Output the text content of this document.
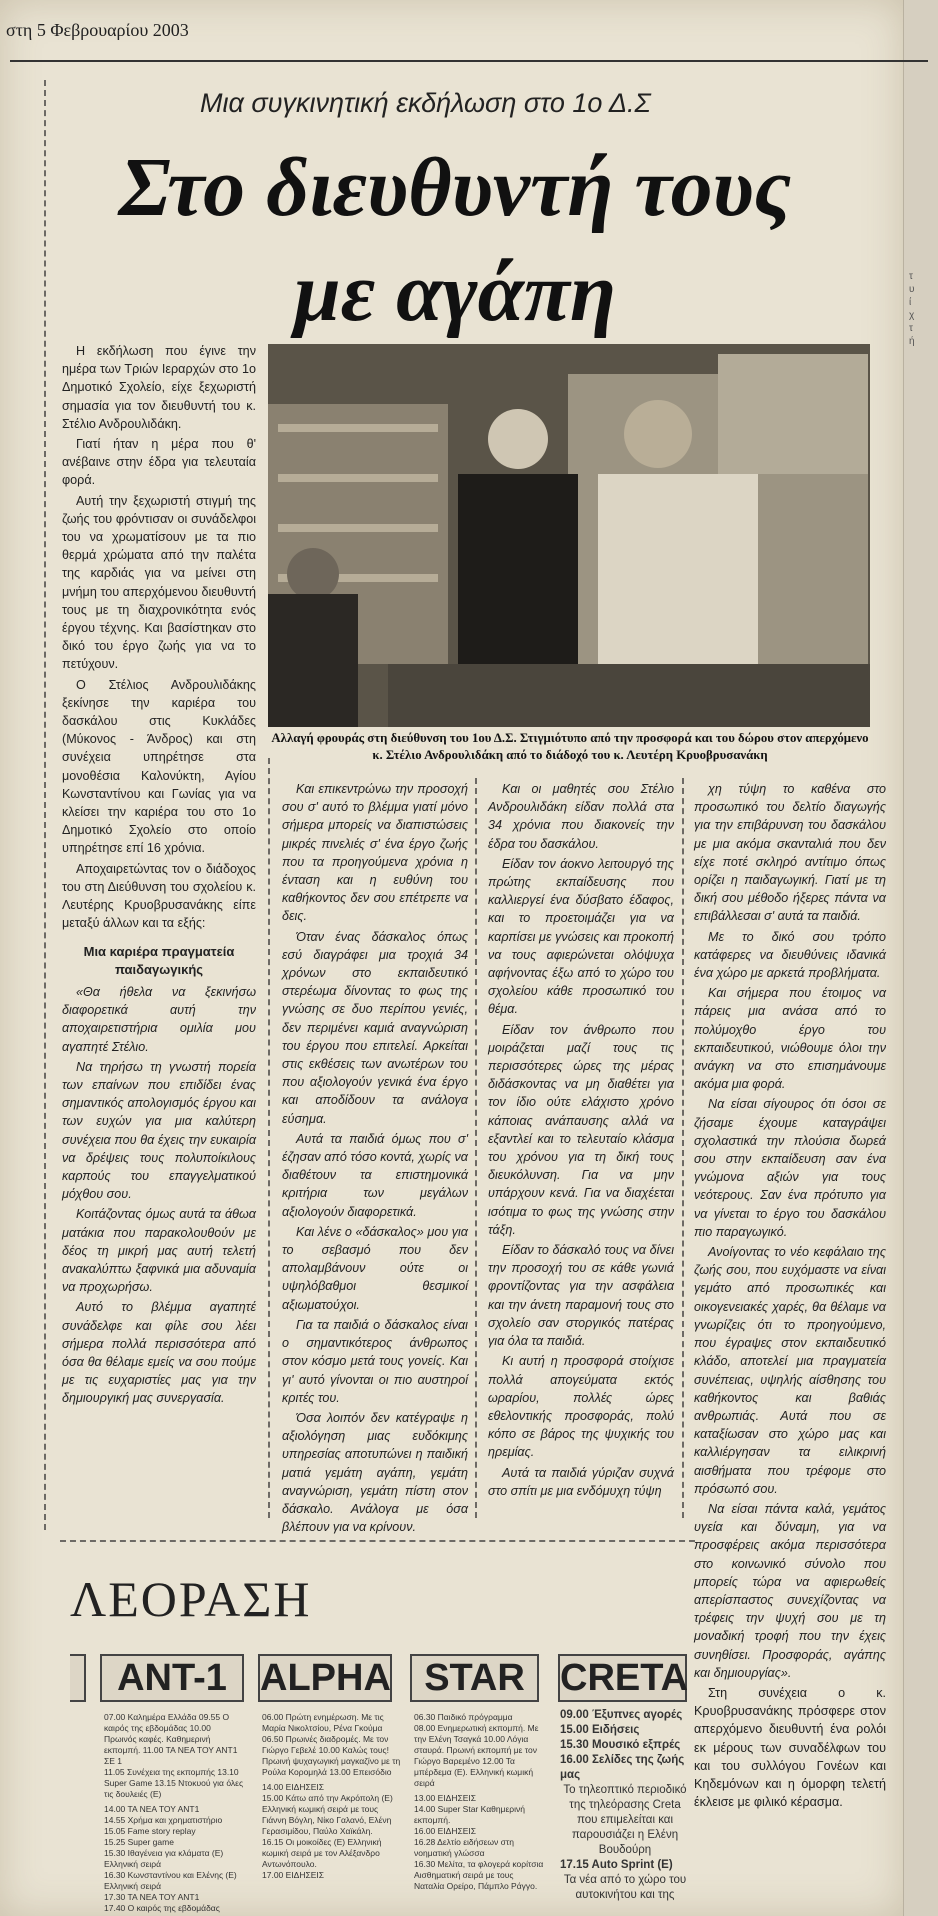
τ
υ
ί
χ
τ
ή
στη 5 Φεβρουαρίου 2003
Μια συγκινητική εκδήλωση στο 1ο Δ.Σ
Στο διευθυντή τους
με αγάπη

Η εκδήλωση που έγινε την ημέρα των Τριών Ιεραρχών στο 1ο Δημοτικό Σχολείο, είχε ξεχωριστή σημασία για τον διευθυντή του κ. Στέλιο Ανδρουλιδάκη.

Γιατί ήταν η μέρα που θ' ανέβαινε στην έδρα για τελευταία φορά.

Αυτή την ξεχωριστή στιγμή της ζωής του φρόντισαν οι συνάδελφοι του να χρωματίσουν με τα πιο θερμά χρώματα από την παλέτα της καρδιάς για να μείνει στη μνήμη του απερχόμενου διευθυντή τους με τη διαχρονικότητα ενός έργου τέχνης. Και βασίστηκαν στο δικό του έργο ζωής για να το πετύχουν.

Ο Στέλιος Ανδρουλιδάκης ξεκίνησε την καριέρα του δασκάλου στις Κυκλάδες (Μύκονος - Άνδρος) και στη συνέχεια υπηρέτησε στα μονοθέσια Καλονύκτη, Αγίου Κωνσταντίνου και Γωνίας για να κλείσει την καριέρα του στο 1ο Δημοτικό Σχολείο στο οποίο υπηρέτησε επί 16 χρόνια.

Αποχαιρετώντας τον ο διάδοχος του στη Διεύθυνση του σχολείου κ. Λευτέρης Κρυοβρυσανάκης είπε μεταξύ άλλων και τα εξής:

Μια καριέρα πραγματεία παιδαγωγικής

«Θα ήθελα να ξεκινήσω διαφορετικά αυτή την αποχαιρετιστήρια ομιλία μου αγαπητέ Στέλιο.

Να τηρήσω τη γνωστή πορεία των επαίνων που επιδίδει ένας σημαντικός απολογισμός έργου και των ευχών για μια καλύτερη συνέχεια που θα έχεις την ευκαιρία να δρέψεις τους πολυποίκιλους καρπούς του επαγγελματικού μόχθου σου.

Κοιτάζοντας όμως αυτά τα άθωα ματάκια που παρακολουθούν με δέος τη μικρή μας αυτή τελετή ανακαλύπτω ξαφνικά μια αδυναμία να προχωρήσω.

Αυτό το βλέμμα αγαπητέ συνάδελφε και φίλε σου λέει σήμερα πολλά περισσότερα από όσα θα θέλαμε εμείς να σου πούμε με τις ευχαριστίες μας για την δημιουργική μας συνεργασία.

Αλλαγή φρουράς στη διεύθυνση του 1ου Δ.Σ. Στιγμιότυπο από την προσφορά και του δώρου στον απερχόμενο κ. Στέλιο Ανδρουλιδάκη από το διάδοχό του κ. Λευτέρη Κρυοβρυσανάκη

Και επικεντρώνω την προσοχή σου σ' αυτό το βλέμμα γιατί μόνο σήμερα μπορείς να διαπιστώσεις μικρές πινελιές σ' ένα έργο ζωής που τα προηγούμενα χρόνια η ένταση και η ευθύνη του καθήκοντος δεν σου επέτρεπε να δεις.

Όταν ένας δάσκαλος όπως εσύ διαγράφει μια τροχιά 34 χρόνων στο εκπαιδευτικό στερέωμα δίνοντας το φως της γνώσης σε δυο περίπου γενιές, δεν περιμένει καμιά αναγνώριση του έργου που επιτελεί. Αρκείται στις εκθέσεις των ανωτέρων του που αξιολογούν γενικά ένα έργο και αποδίδουν τα ανάλογα εύσημα.

Αυτά τα παιδιά όμως που σ' έζησαν από τόσο κοντά, χωρίς να διαθέτουν τα επιστημονικά κριτήρια των μεγάλων αξιολογούν διαφορετικά.

Και λένε ο «δάσκαλος» μου για το σεβασμό που δεν απολαμβάνουν ούτε οι υψηλόβαθμοι θεσμικοί αξιωματούχοι.

Για τα παιδιά ο δάσκαλος είναι ο σημαντικότερος άνθρωπος στον κόσμο μετά τους γονείς. Και γι' αυτό γίνονται οι πιο αυστηροί κριτές του.

Όσα λοιπόν δεν κατέγραψε η αξιολόγηση μιας ευδόκιμης υπηρεσίας αποτυπώνει η παιδική ματιά γεμάτη αγάπη, γεμάτη αναγνώριση, γεμάτη πίστη στον δάσκαλο. Ανάλογα με όσα βλέπουν για να κρίνουν.

Και οι μαθητές σου Στέλιο Ανδρουλιδάκη είδαν πολλά στα 34 χρόνια που διακονείς την έδρα του δασκάλου.

Είδαν τον άοκνο λειτουργό της πρώτης εκπαίδευσης που καλλιεργεί ένα δύσβατο έδαφος, και το προετοιμάζει για να καρπίσει με γνώσεις και προκοπή να τους αφιερώνεται ολόψυχα αφήνοντας έξω από το χώρο του σχολείου κάθε προσωπικό του θέμα.

Είδαν τον άνθρωπο που μοιράζεται μαζί τους τις περισσότερες ώρες της μέρας διδάσκοντας να μη διαθέτει για τον ίδιο ούτε ελάχιστο χρόνο κάποιας ανάπαυσης αλλά να εξαντλεί και το τελευταίο κλάσμα του χρόνου για τη δική τους διευκόλυνση. Για να μην υπάρχουν κενά. Για να διαχέεται ισότιμα το φως της γνώσης στην τάξη.

Είδαν το δάσκαλό τους να δίνει την προσοχή του σε κάθε γωνιά φροντίζοντας για την ασφάλεια και την άνετη παραμονή τους στο σχολείο σαν στοργικός πατέρας για όλα τα παιδιά.

Κι αυτή η προσφορά στοίχισε πολλά απογεύματα εκτός ωραρίου, πολλές ώρες εθελοντικής προσφοράς, πολύ κόπο σε βάρος της ψυχικής του ηρεμίας.

Αυτά τα παιδιά γύριζαν συχνά στο σπίτι με μια ενδόμυχη τύψη

χη τύψη το καθένα στο προσωπικό του δελτίο διαγωγής για την επιβάρυνση του δασκάλου με μια ακόμα σκανταλιά που δεν είχε ποτέ σκληρό αντίτιμο όπως ορίζει η παιδαγωγική. Γιατί με τη δική σου μέθοδο ήξερες πάντα να επιβάλλεσαι σ' αυτά τα παιδιά.

Με το δικό σου τρόπο κατάφερες να διευθύνεις ιδανικά ένα χώρο με αρκετά προβλήματα.

Και σήμερα που έτοιμος να πάρεις μια ανάσα από το πολύμοχθο έργο του εκπαιδευτικού, νιώθουμε όλοι την ανάγκη να στο επισημάνουμε ακόμα μια φορά.

Να είσαι σίγουρος ότι όσοι σε ζήσαμε έχουμε καταγράψει σχολαστικά την πλούσια δωρεά σου στην εκπαίδευση σαν ένα γνώμονα αξιών για τους νεότερους. Σαν ένα πρότυπο για να γίνεται το έργο του δασκάλου πιο παραγωγικό.

Ανοίγοντας το νέο κεφάλαιο της ζωής σου, που ευχόμαστε να είναι γεμάτο από προσωπικές και οικογενειακές χαρές, θα θέλαμε να γνωρίζεις ότι το προηγούμενο, που έγραψες στον εκπαιδευτικό κλάδο, αποτελεί μια πραγματεία συνέπειας, υψηλής αίσθησης του καθήκοντος και βαθιάς ανθρωπιάς. Αυτά που σε καταξίωσαν στο χώρο μας και καλλιέργησαν τα ειλικρινή αισθήματα που τρέφομε στο πρόσωπό σου.

Να είσαι πάντα καλά, γεμάτος υγεία και δύναμη, για να προσφέρεις ακόμα περισσότερα στο κοινωνικό σύνολο που μπορείς τώρα να αφιερωθείς απερίσπαστος συνεχίζοντας να τρέφεις την ψυχή σου με τη μοναδική τροφή που την έχεις συνηθίσει. Προσφοράς, αγάπης και δημιουργίας».

Στη συνέχεια ο κ. Κρυοβρυσανάκης πρόσφερε στον απερχόμενο διευθυντή ένα ρολόι εκ μέρους των συναδέλφων του και του συλλόγου Γονέων και Κηδεμόνων και η όμορφη τελετή έκλεισε με φιλικό κέρασμα.

ΛΕΟΡΑΣΗ
ANT-1 ALPHA STAR CRETA
07.00 Καλημέρα Ελλάδα 09.55 Ο καιρός της εβδομάδας 10.00 Πρωινός καφές. Καθημερινή εκπομπή. 11.00 ΤΑ ΝΕΑ ΤΟΥ ΑΝΤ1 ΣΕ 1
11.05 Συνέχεια της εκπομπής 13.10 Super Game 13.15 Ντοκυού για όλες τις δουλειές (Ε)
14.00 ΤΑ ΝΕΑ ΤΟΥ ΑΝΤ1
14.55 Χρήμα και χρηματιστήριο
15.05 Fame story replay
15.25 Super game
15.30 Ιθαγένεια για κλάματα (Ε) Ελληνική σειρά
16.30 Κωνσταντίνου και Ελένης (Ε) Ελληνική σειρά
17.30 ΤΑ ΝΕΑ ΤΟΥ ΑΝΤ1
17.40 Ο καιρός της εβδομάδας
06.00 Πρώτη ενημέρωση. Με τις Μαρία Νικολτσίου, Ρένα Γκούμα
06.50 Πρωινές διαδρομές. Με τον Γιώργο Γεβελέ 10.00 Καλώς τους! Πρωινή ψυχαγωγική μαγκαζίνο με τη Ρούλα Κορομηλά 13.00 Επεισόδιο
14.00 ΕΙΔΗΣΕΙΣ
15.00 Κάτω από την Ακρόπολη (Ε) Ελληνική κωμική σειρά με τους Γιάννη Βόγλη, Νίκο Γαλανό, Ελένη Γερασιμίδου, Παύλο Χαϊκάλη.
16.15 Οι μοικοίδες (Ε) Ελληνική κωμική σειρά με τον Αλέξανδρο Αντωνόπουλο.
17.00 ΕΙΔΗΣΕΙΣ
06.30 Παιδικό πρόγραμμα
08.00 Ενημερωτική εκπομπή. Με την Ελένη Τσαγκά 10.00 Λόγια σταυρά. Πρωινή εκπομπή με τον Γιώργο Βαρεμένο 12.00 Τα μπέρδεμα (Ε). Ελληνική κωμική σειρά
13.00 ΕΙΔΗΣΕΙΣ
14.00 Super Star Καθημερινή εκπομπή.
16.00 ΕΙΔΗΣΕΙΣ
16.28 Δελτίο ειδήσεων στη νοηματική γλώσσα
16.30 Μελίτα, τα φλογερά κορίτσια Αισθηματική σειρά με τους Ναταλία Ορείρο, Πάμπλο Ράγγο.
09.00 Έξυπνες αγορές
15.00 Ειδήσεις
15.30 Μουσικό εξπρές
16.00 Σελίδες της ζωής μας
Το τηλεοπτικό περιοδικό της τηλεόρασης Creta που επιμελείται και παρουσιάζει η Ελένη Βουδούρη
17.15 Auto Sprint (E)
Τα νέα από το χώρο του αυτοκινήτου και της
